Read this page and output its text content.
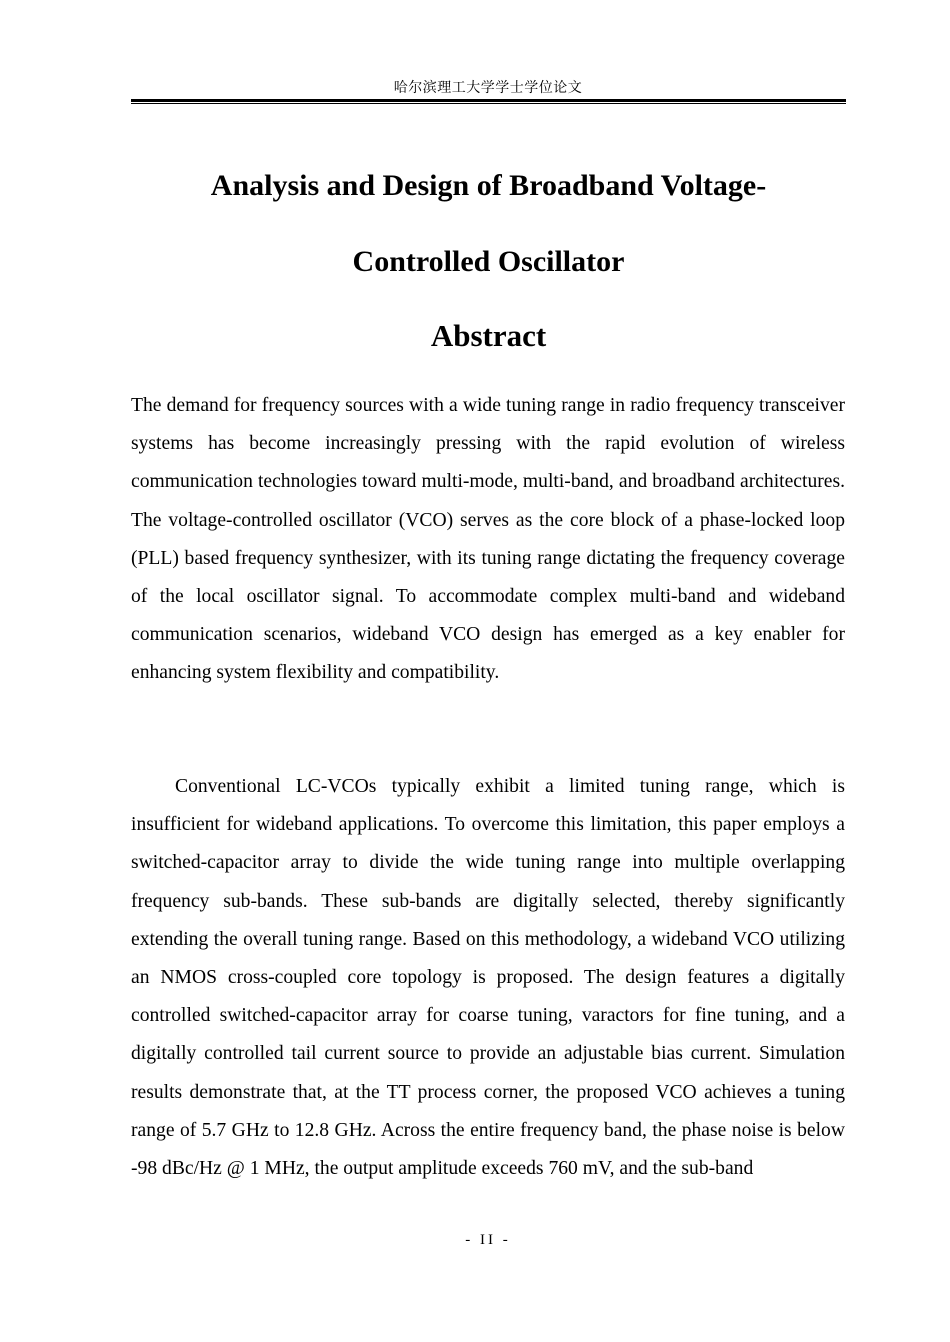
哈尔滨理工大学学士学位论文
Analysis and Design of Broadband Voltage-
Controlled Oscillator
Abstract

The demand for frequency sources with a wide tuning range in radio frequency transceiver systems has become increasingly pressing with the rapid evolution of wireless communication technologies toward multi-mode, multi-band, and broadband architectures. The voltage-controlled oscillator (VCO) serves as the core block of a phase-locked loop (PLL) based frequency synthesizer, with its tuning range dictating the frequency coverage of the local oscillator signal. To accommodate complex multi-band and wideband communication scenarios, wideband VCO design has emerged as a key enabler for enhancing system flexibility and compatibility.

Conventional LC-VCOs typically exhibit a limited tuning range, which is insufficient for wideband applications. To overcome this limitation, this paper employs a switched-capacitor array to divide the wide tuning range into multiple overlapping frequency sub-bands. These sub-bands are digitally selected, thereby significantly extending the overall tuning range. Based on this methodology, a wideband VCO utilizing an NMOS cross-coupled core topology is proposed. The design features a digitally controlled switched-capacitor array for coarse tuning, varactors for fine tuning, and a digitally controlled tail current source to provide an adjustable bias current. Simulation results demonstrate that, at the TT process corner, the proposed VCO achieves a tuning range of 5.7 GHz to 12.8 GHz. Across the entire frequency band, the phase noise is below -98 dBc/Hz @ 1 MHz, the output amplitude exceeds 760 mV, and the sub-band

- II -
